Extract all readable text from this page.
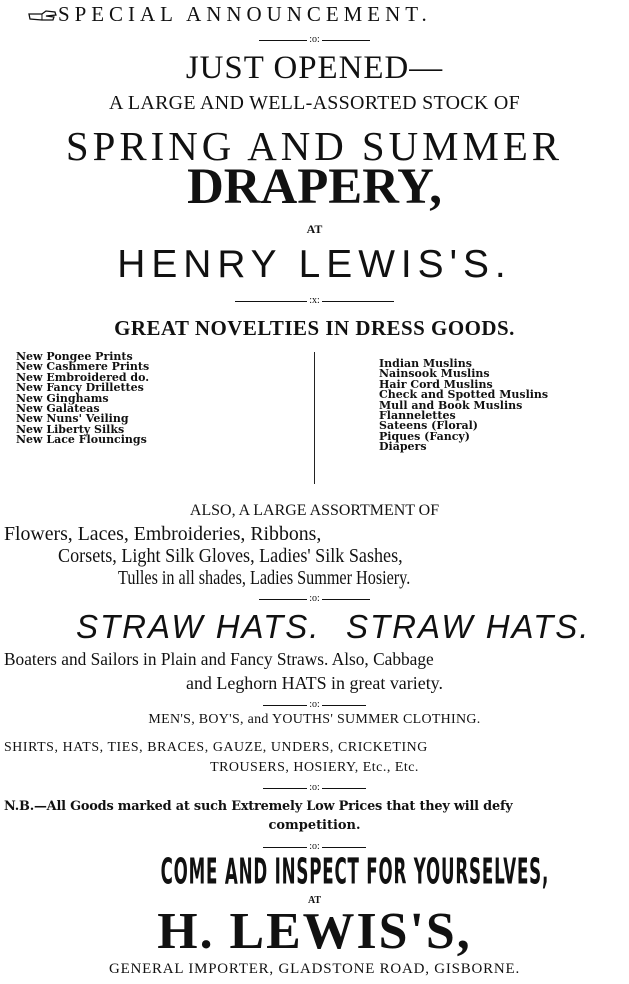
SPECIAL ANNOUNCEMENT.
:o:
JUST OPENED—
A LARGE AND WELL-ASSORTED STOCK OF
SPRING AND SUMMER
DRAPERY,
AT
HENRY LEWIS'S.
:x:
GREAT NOVELTIES IN DRESS GOODS.
New Pongee Prints
New Cashmere Prints
New Embroidered do.
New Fancy Drillettes
New Ginghams
New Galateas
New Nuns' Veiling
New Liberty Silks
New Lace Flouncings
Indian Muslins
Nainsook Muslins
Hair Cord Muslins
Check and Spotted Muslins
Mull and Book Muslins
Flannelettes
Sateens (Floral)
Piques (Fancy)
Diapers
ALSO, A LARGE ASSORTMENT OF
Flowers, Laces, Embroideries, Ribbons,
Corsets, Light Silk Gloves, Ladies' Silk Sashes,
Tulles in all shades, Ladies Summer Hosiery.
:o:
STRAW HATS. STRAW HATS.
Boaters and Sailors in Plain and Fancy Straws. Also, Cabbage
and Leghorn HATS in great variety.
:o:
MEN'S, BOY'S, and YOUTHS' SUMMER CLOTHING.
SHIRTS, HATS, TIES, BRACES, GAUZE, UNDERS, CRICKETING
TROUSERS, HOSIERY, Etc., Etc.
:o:
N.B.—All Goods marked at such Extremely Low Prices that they will defy
competition.
:o:
COME AND INSPECT FOR YOURSELVES,
AT
H. LEWIS'S,
GENERAL IMPORTER, GLADSTONE ROAD, GISBORNE.
